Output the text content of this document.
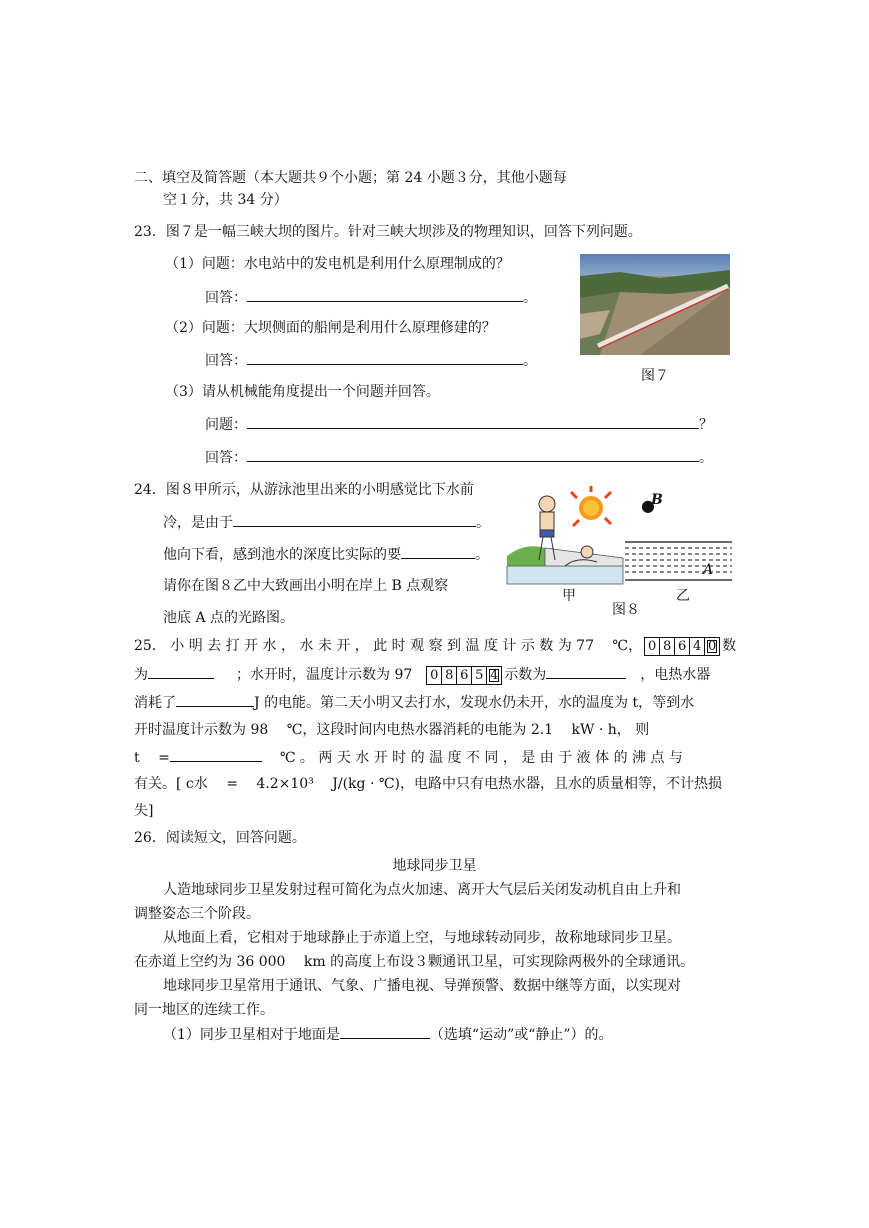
二、填空及简答题（本大题共９个小题；第 24 小题３分，其他小题每
空１分，共 34 分）
23．图７是一幅三峡大坝的图片。针对三峡大坝涉及的物理知识，回答下列问题。
（1）问题：水电站中的发电机是利用什么原理制成的？
回答：	。
（2）问题：大坝侧面的船闸是利用什么原理修建的？
回答：	。
（3）请从机械能角度提出一个问题并回答。
问题：	？
回答：	。
图７
24．图８甲所示，从游泳池里出来的小明感觉比下水前
冷，是由于	。
他向下看，感到池水的深度比实际的要	。
请你在图８乙中大致画出小明在岸上 B 点观察
池底 A 点的光路图。
●
B
A
甲	乙
图８
25． 小 明 去 打 开 水 ， 水 未 开 ， 此 时 观 察 到 温 度 计 示 数 为 77 　℃， 0 8 6 4 0 数
为	；水开时，温度计示数为 97 0 8 6 5 4 示数为	，电热水器
消耗了	J 的电能。第二天小明又去打水，发现水仍未开，水的温度为 t，等到水
开时温度计示数为 98 　℃，这段时间内电热水器消耗的电能为 2.1 　kW · h， 则
t 　=	℃ 。 两 天 水 开 时 的 温 度 不 同 ， 是 由 于 液 体 的 沸 点 与
有关。[ c水 　= 　4.2×10³ 　J/(kg · ℃)，电路中只有电热水器，且水的质量相等，不计热损
失]
26．阅读短文，回答问题。
地球同步卫星
人造地球同步卫星发射过程可简化为点火加速、离开大气层后关闭发动机自由上升和
调整姿态三个阶段。
从地面上看，它相对于地球静止于赤道上空，与地球转动同步，故称地球同步卫星。
在赤道上空约为 36 000 　km 的高度上布设３颗通讯卫星，可实现除两极外的全球通讯。
地球同步卫星常用于通讯、气象、广播电视、导弹预警、数据中继等方面，以实现对
同一地区的连续工作。
（1）同步卫星相对于地面是	（选填“运动”或“静止”）的。
